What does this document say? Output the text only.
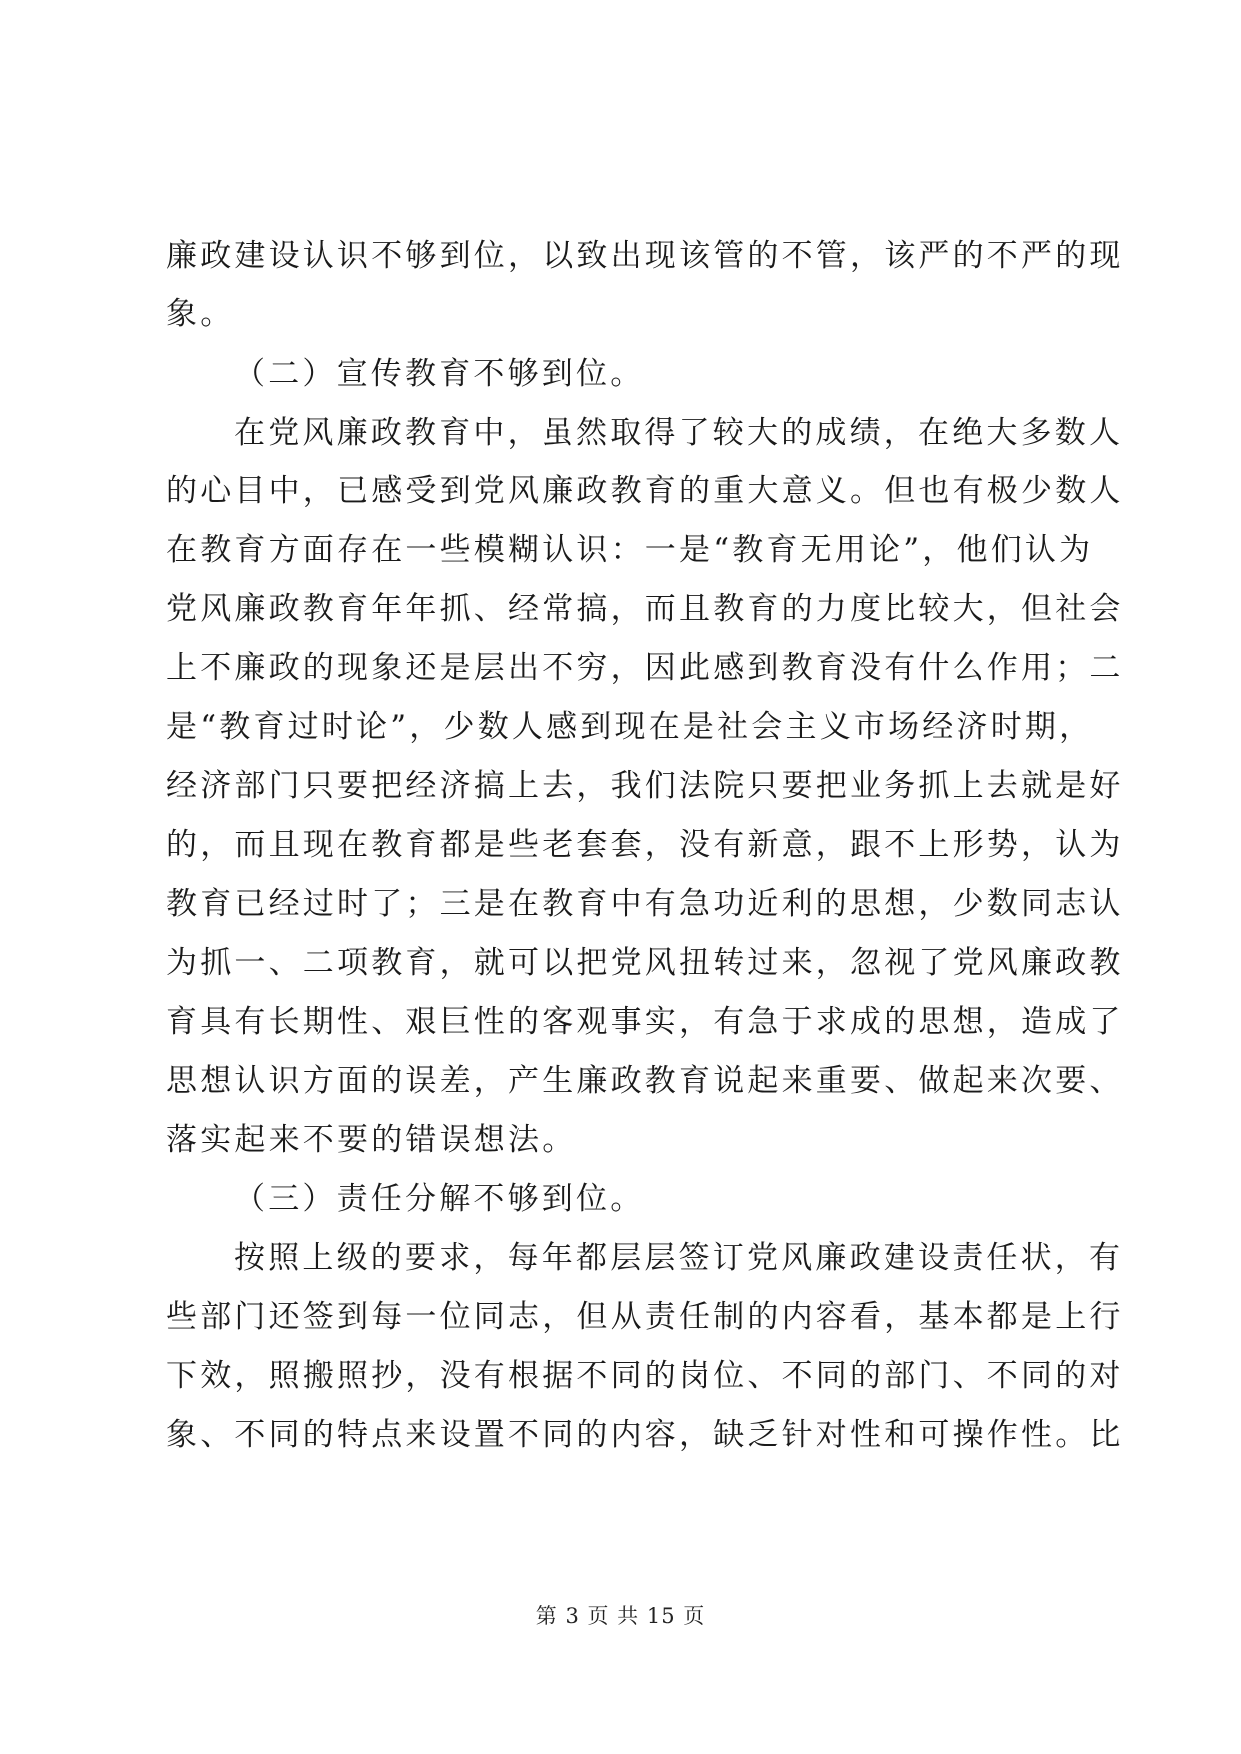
廉政建设认识不够到位，以致出现该管的不管，该严的不严的现
象。
（二）宣传教育不够到位。
在党风廉政教育中，虽然取得了较大的成绩，在绝大多数人
的心目中，已感受到党风廉政教育的重大意义。但也有极少数人
在教育方面存在一些模糊认识：一是“教育无用论”，他们认为
党风廉政教育年年抓、经常搞，而且教育的力度比较大，但社会
上不廉政的现象还是层出不穷，因此感到教育没有什么作用；二
是“教育过时论”，少数人感到现在是社会主义市场经济时期，
经济部门只要把经济搞上去，我们法院只要把业务抓上去就是好
的，而且现在教育都是些老套套，没有新意，跟不上形势，认为
教育已经过时了；三是在教育中有急功近利的思想，少数同志认
为抓一、二项教育，就可以把党风扭转过来，忽视了党风廉政教
育具有长期性、艰巨性的客观事实，有急于求成的思想，造成了
思想认识方面的误差，产生廉政教育说起来重要、做起来次要、
落实起来不要的错误想法。
（三）责任分解不够到位。
按照上级的要求，每年都层层签订党风廉政建设责任状，有
些部门还签到每一位同志，但从责任制的内容看，基本都是上行
下效，照搬照抄，没有根据不同的岗位、不同的部门、不同的对
象、不同的特点来设置不同的内容，缺乏针对性和可操作性。比
第 3 页 共 15 页
